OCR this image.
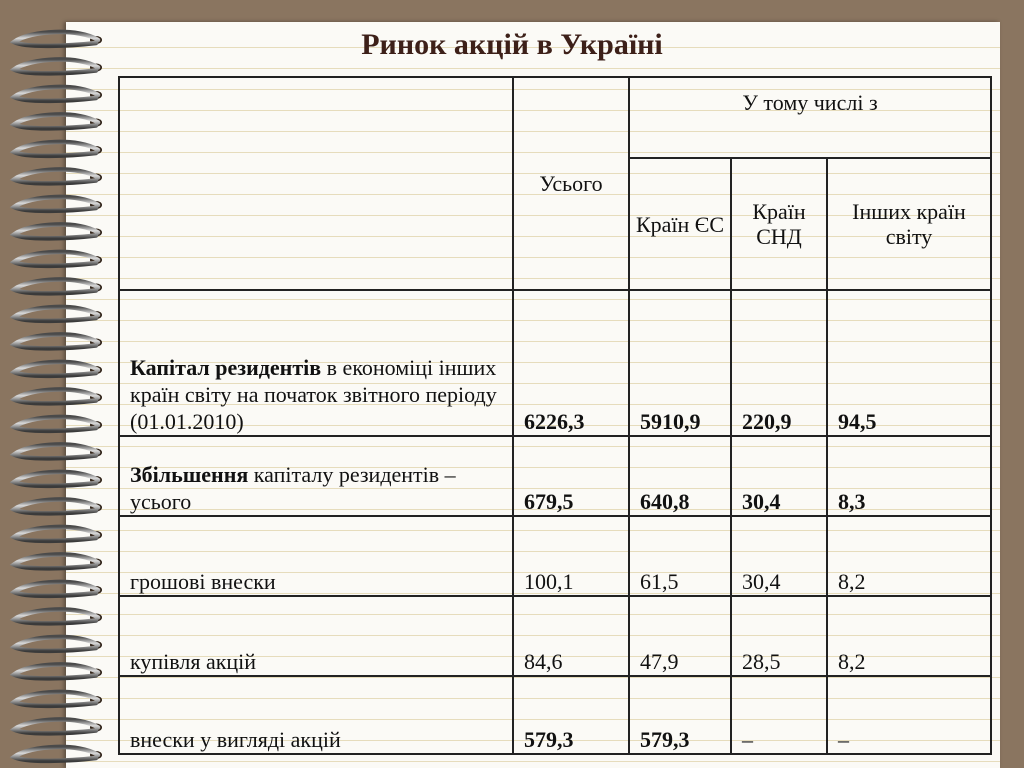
Ринок акцій в Україні
	Усього	У тому числі з		
		Країн ЄС	Країн СНД	Інших країн світу
Капітал резидентів в економіці інших країн світу на початок звітного періоду (01.01.2010)	6226,3	5910,9	220,9	94,5
Збільшення капіталу резидентів – усього	679,5	640,8	30,4	8,3
грошові внески	100,1	61,5	30,4	8,2
купівля акцій	84,6	47,9	28,5	8,2
внески у вигляді акцій	579,3	579,3	–	–
